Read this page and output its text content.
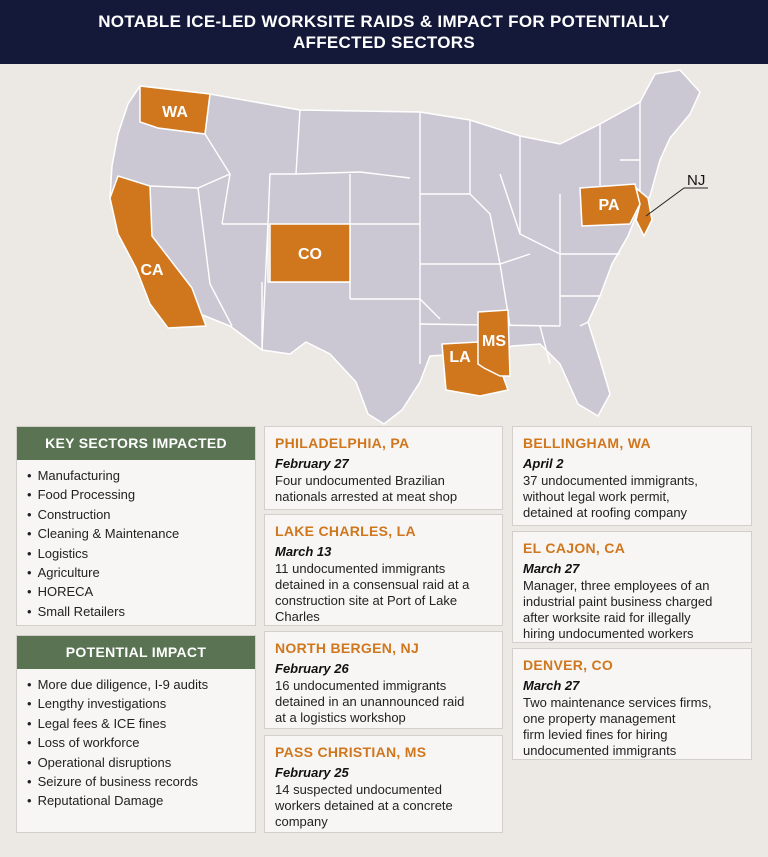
NOTABLE ICE-LED WORKSITE RAIDS & IMPACT FOR POTENTIALLY
AFFECTED SECTORS
WA
CA
CO
PA
NJ
LA
MS
KEY SECTORS IMPACTED
• Manufacturing
• Food Processing
• Construction
• Cleaning & Maintenance
• Logistics
• Agriculture
• HORECA
• Small Retailers
POTENTIAL IMPACT
• More due diligence, I-9 audits
• Lengthy investigations
• Legal fees & ICE fines
• Loss of workforce
• Operational disruptions
• Seizure of business records
• Reputational Damage
PHILADELPHIA, PA
February 27
Four undocumented Brazilian
nationals arrested at meat shop
LAKE CHARLES, LA
March 13
11 undocumented immigrants
detained in a consensual raid at a
construction site at Port of Lake
Charles
NORTH BERGEN, NJ
February 26
16 undocumented immigrants
detained in an unannounced raid
at a logistics workshop
PASS CHRISTIAN, MS
February 25
14 suspected undocumented
workers detained at a concrete
company
BELLINGHAM, WA
April 2
37 undocumented immigrants,
without legal work permit,
detained at roofing company
EL CAJON, CA
March 27
Manager, three employees of an
industrial paint business charged
after worksite raid for illegally
hiring undocumented workers
DENVER, CO
March 27
Two maintenance services firms,
one property management
firm levied fines for hiring
undocumented immigrants
